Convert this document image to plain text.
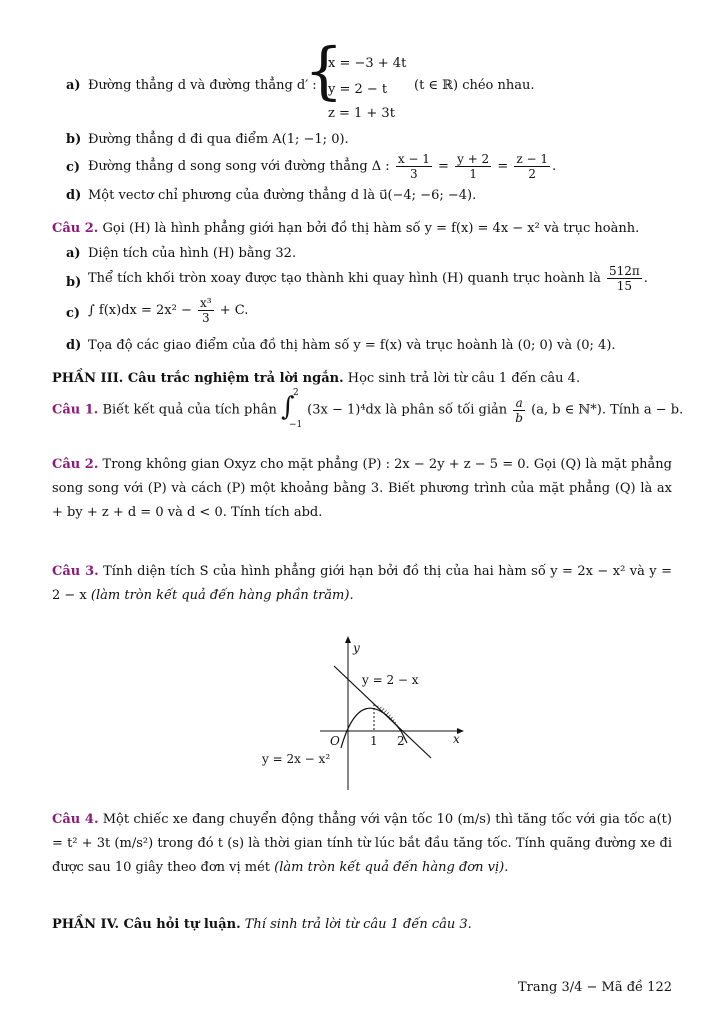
a) Đường thẳng d và đường thẳng d′ :
{
x = −3 + 4t
y = 2 − t
z = 1 + 3t
(t ∈ ℝ) chéo nhau.
b) Đường thẳng d đi qua điểm A(1; −1; 0).
c) Đường thẳng d song song với đường thẳng Δ : $\frac{x - 1}{3} = \frac{y + 2}{1} = \frac{z - 1}{2}$ .
d) Một vectơ chỉ phương của đường thẳng d là u⃗(−4; −6; −4).
Câu 2. Gọi (H) là hình phẳng giới hạn bởi đồ thị hàm số y = f(x) = 4x − x² và trục hoành.
a) Diện tích của hình (H) bằng 32.
b) Thể tích khối tròn xoay được tạo thành khi quay hình (H) quanh trục hoành là $\frac{512\pi}{15}$ .
c) ∫ $f(x)dx = 2x^2 - \frac{\text{x³}}{3} + C$.
d) Tọa độ các giao điểm của đồ thị hàm số y = f(x) và trục hoành là (0; 0) và (0; 4).
PHẦN III. Câu trắc nghiệm trả lời ngắn. Học sinh trả lời từ câu 1 đến câu 4.
Câu 1. Biết kết quả của tích phân ∫
2
−1
(3x − 1)⁴dx là phân số tối giản $\frac{a}{b} (a$, b ∈ ℕ*). Tính a − b.
Câu 2. Trong không gian Oxyz cho mặt phẳng (P) : 2x − 2y + z − 5 = 0. Gọi (Q) là mặt phẳng song song với (P) và cách (P) một khoảng bằng 3. Biết phương trình của mặt phẳng (Q) là ax + by + z + d = 0 và d < 0. Tính tích abd.
Câu 3. Tính diện tích S của hình phẳng giới hạn bởi đồ thị của hai hàm số y = 2x − x² và y = 2 − x (làm tròn kết quả đến hàng phần trăm).
y
x
O	1 2
y = 2 − x
y = 2x − x²
Câu 4. Một chiếc xe đang chuyển động thẳng với vận tốc 10 (m/s) thì tăng tốc với gia tốc a(t) = t² + 3t (m/s²) trong đó t (s) là thời gian tính từ lúc bắt đầu tăng tốc. Tính quãng đường xe đi được sau 10 giây theo đơn vị mét (làm tròn kết quả đến hàng đơn vị).
PHẦN IV. Câu hỏi tự luận. Thí sinh trả lời từ câu 1 đến câu 3.
Trang 3/4 − Mã đề 122
